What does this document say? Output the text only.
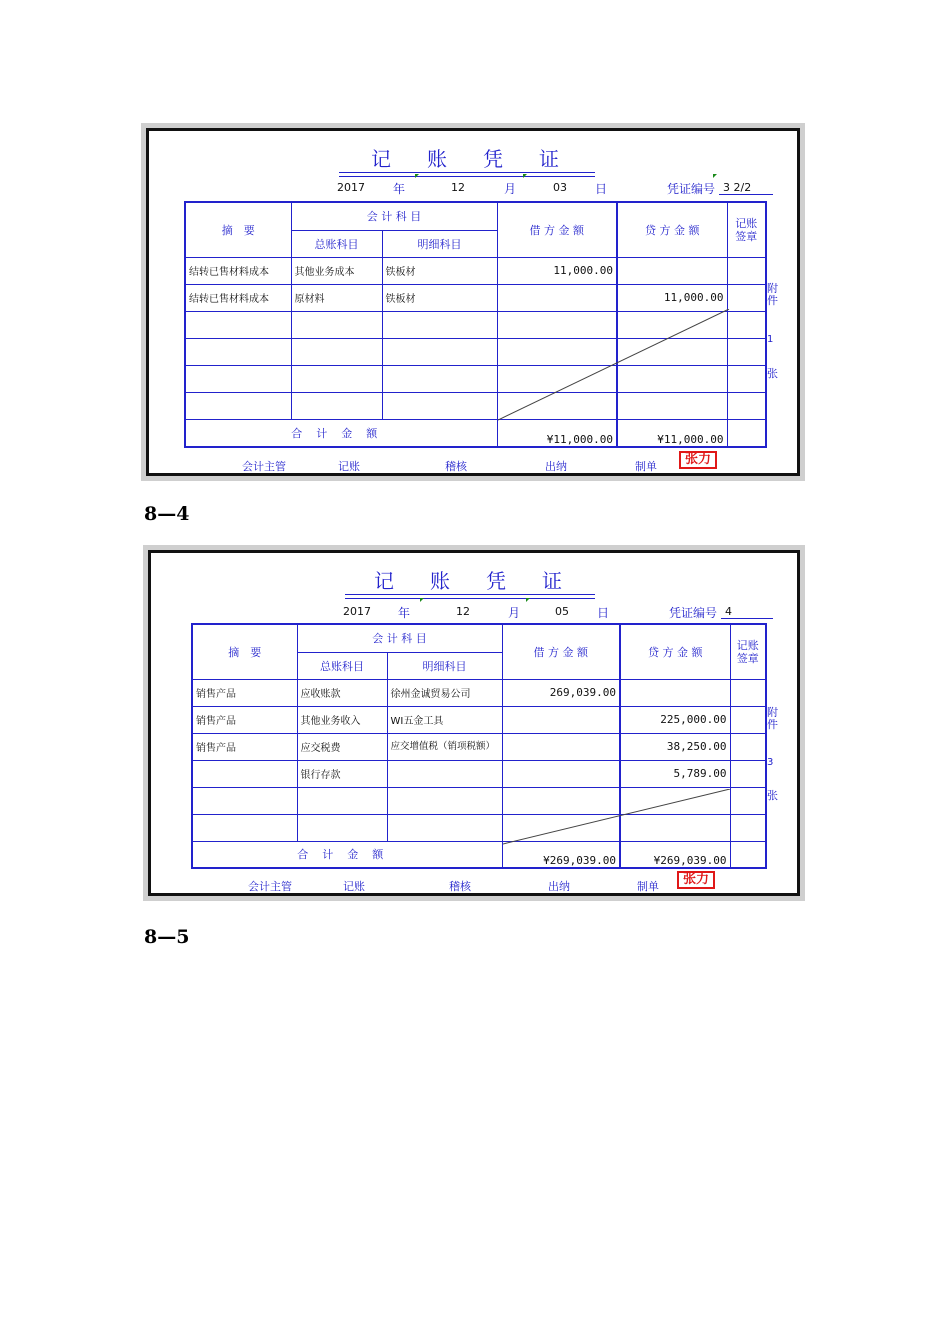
记 账 凭 证
2017 年	12	月	03 日	凭证编号 3 2/2
摘　要	会 计 科 目		借 方 金 额	贷 方 金 额	记账
签章
	总账科目	明细科目			
结转已售材料成本	其他业务成本	铁板材	11,000.00		
结转已售材料成本	原材料	铁板材		11,000.00	

合计金额			¥11,000.00	¥11,000.00	
附
件
1
张
会计主管	记账	稽核	出纳	制单	张力
8—4
记 账 凭 证
2017 年	12	月	05 日	凭证编号 4
摘　要	会 计 科 目		借 方 金 额	贷 方 金 额	记账
签章
	总账科目	明细科目			
销售产品	应收账款	徐州金诚贸易公司	269,039.00		
销售产品	其他业务收入	WI五金工具		225,000.00	
销售产品	应交税费	应交增值税（销项税额）		38,250.00	
	银行存款			5,789.00	

合计金额			¥269,039.00	¥269,039.00	
附
件
3
张
会计主管	记账	稽核	出纳	制单	张力
8—5
